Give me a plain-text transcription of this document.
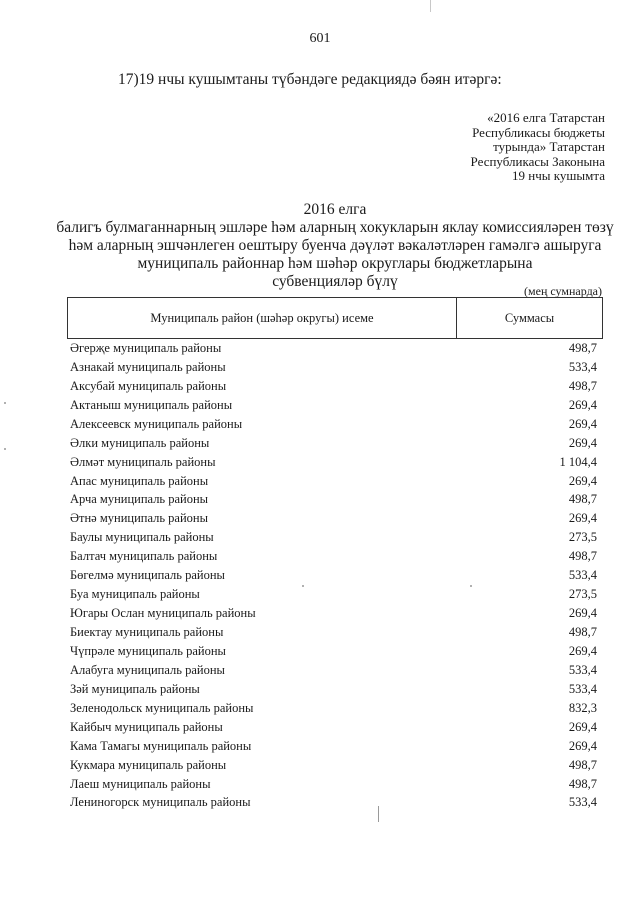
601
17)19 нчы кушымтаны түбәндәге редакциядә бәян итәргә:
«2016 елга Татарстан
Республикасы бюджеты
турында» Татарстан
Республикасы Законына
19 нчы кушымта
2016 елга
балигъ булмаганнарның эшләре һәм аларның хокукларын яклау комиссияләрен төзү
һәм аларның эшчәнлеген оештыру буенча дәүләт вәкаләтләрен гамәлгә ашыруга
муниципаль районнар һәм шәһәр округлары бюджетларына
субвенцияләр бүлү
(мең сумнарда)
Муниципаль район (шәһәр округы) исеме	Суммасы
Әгерҗе муниципаль районы	498,7
Азнакай муниципаль районы	533,4
Аксубай муниципаль районы	498,7
Актаныш муниципаль районы	269,4
Алексеевск муниципаль районы	269,4
Әлки муниципаль районы	269,4
Әлмәт муниципаль районы	1 104,4
Апас муниципаль районы	269,4
Арча муниципаль районы	498,7
Әтнә муниципаль районы	269,4
Баулы муниципаль районы	273,5
Балтач муниципаль районы	498,7
Бөгелмә муниципаль районы	533,4
Буа муниципаль районы	273,5
Югары Ослан муниципаль районы	269,4
Биектау муниципаль районы	498,7
Чүпрәле муниципаль районы	269,4
Алабуга муниципаль районы	533,4
Зәй муниципаль районы	533,4
Зеленодольск муниципаль районы	832,3
Кайбыч муниципаль районы	269,4
Кама Тамагы муниципаль районы	269,4
Кукмара муниципаль районы	498,7
Лаеш муниципаль районы	498,7
Лениногорск муниципаль районы	533,4
